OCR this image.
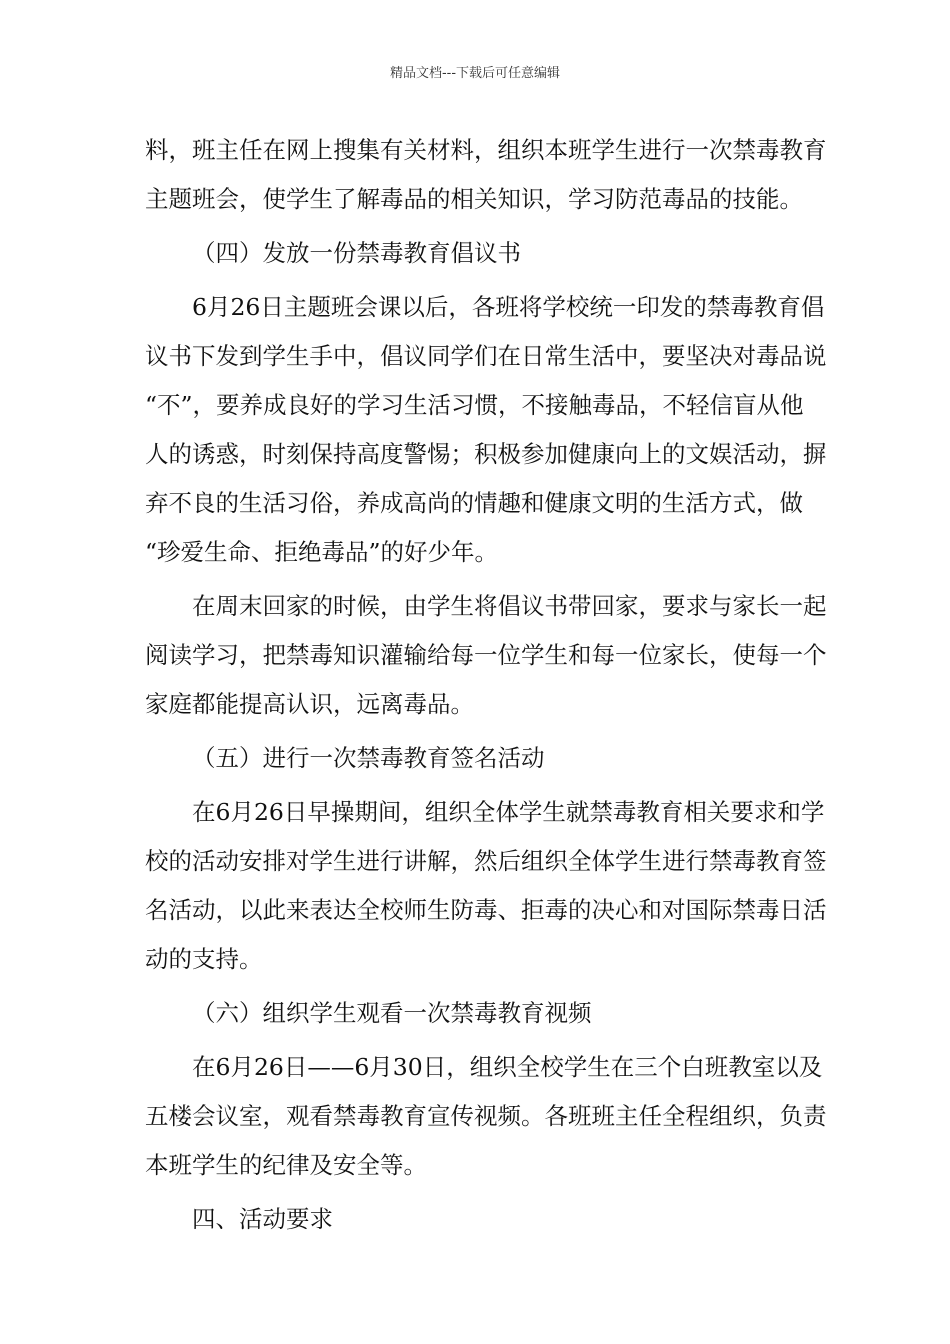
精品文档---下载后可任意编辑
料，班主任在网上搜集有关材料，组织本班学生进行一次禁毒教育
主题班会，使学生了解毒品的相关知识，学习防范毒品的技能。
（四）发放一份禁毒教育倡议书
6月26日主题班会课以后，各班将学校统一印发的禁毒教育倡
议书下发到学生手中，倡议同学们在日常生活中，要坚决对毒品说
“不”，要养成良好的学习生活习惯，不接触毒品，不轻信盲从他
人的诱惑，时刻保持高度警惕；积极参加健康向上的文娱活动，摒
弃不良的生活习俗，养成高尚的情趣和健康文明的生活方式，做
“珍爱生命、拒绝毒品”的好少年。
在周末回家的时候，由学生将倡议书带回家，要求与家长一起
阅读学习，把禁毒知识灌输给每一位学生和每一位家长，使每一个
家庭都能提高认识，远离毒品。
（五）进行一次禁毒教育签名活动
在6月26日早操期间，组织全体学生就禁毒教育相关要求和学
校的活动安排对学生进行讲解，然后组织全体学生进行禁毒教育签
名活动，以此来表达全校师生防毒、拒毒的决心和对国际禁毒日活
动的支持。
（六）组织学生观看一次禁毒教育视频
在6月26日——6月30日，组织全校学生在三个白班教室以及
五楼会议室，观看禁毒教育宣传视频。各班班主任全程组织，负责
本班学生的纪律及安全等。
四、活动要求
